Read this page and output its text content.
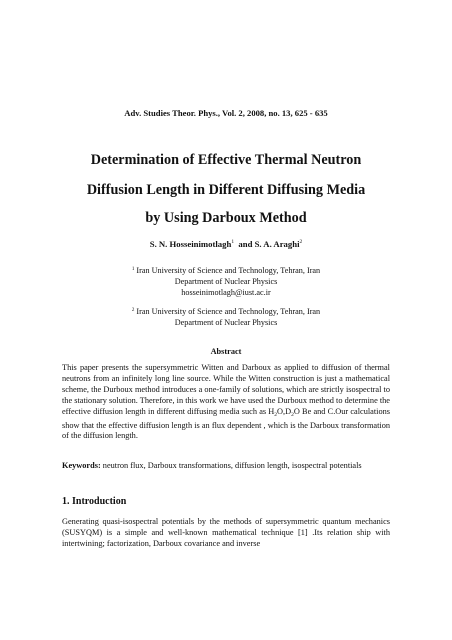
Adv. Studies Theor. Phys., Vol. 2, 2008, no. 13, 625 - 635
Determination of Effective Thermal Neutron
Diffusion Length in Different Diffusing Media
by Using Darboux Method
S. N. Hosseinimotlagh$^1$ and S. A. Araghi$^2$
$^1$ Iran University of Science and Technology, Tehran, Iran
Department of Nuclear Physics
hosseinimotlagh@iust.ac.ir
$^2$ Iran University of Science and Technology, Tehran, Iran
Department of Nuclear Physics
Abstract
This paper presents the supersymmetric Witten and Darboux as applied to diffusion of thermal neutrons from an infinitely long line source. While the Witten construction is just a mathematical scheme, the Durboux method introduces a one-family of solutions, which are strictly isospectral to the stationary solution. Therefore, in this work we have used the Durboux method to determine the effective diffusion length in different diffusing media such as $H_2O,D_2O$ Be and C.Our calculations show that the effective diffusion length is an flux dependent , which is the Darboux transformation of the diffusion length.
Keywords: neutron flux, Darboux transformations, diffusion length, isospectral potentials
1. Introduction
Generating quasi-isospectral potentials by the methods of supersymmetric quantum mechanics (SUSYQM) is a simple and well-known mathematical technique [1] .Its relation ship with intertwining; factorization, Darboux covariance and inverse
